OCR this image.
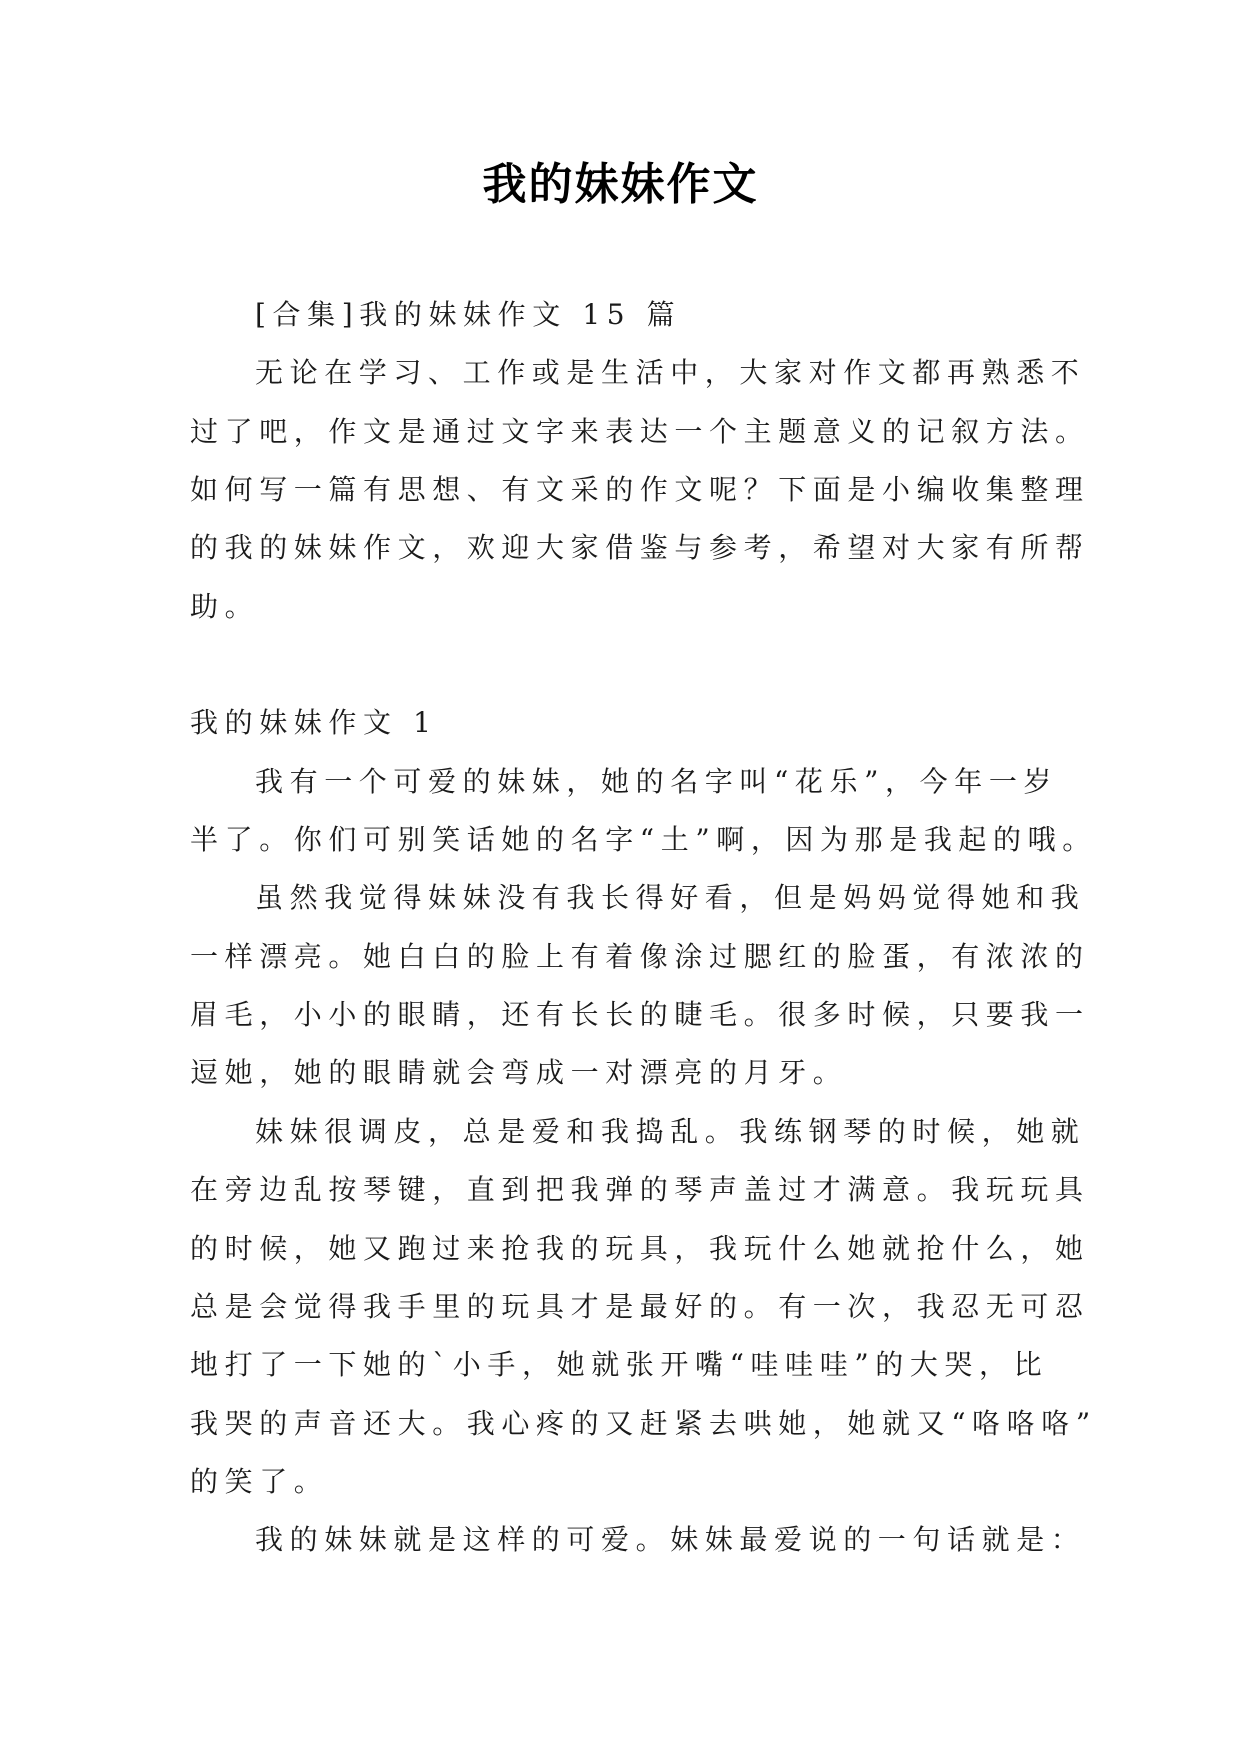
我的妹妹作文
[合集]我的妹妹作文 15 篇
无论在学习、工作或是生活中，大家对作文都再熟悉不
过了吧，作文是通过文字来表达一个主题意义的记叙方法。
如何写一篇有思想、有文采的作文呢？下面是小编收集整理
的我的妹妹作文，欢迎大家借鉴与参考，希望对大家有所帮
助。
我的妹妹作文 1
我有一个可爱的妹妹，她的名字叫“花乐”，今年一岁
半了。你们可别笑话她的名字“土”啊，因为那是我起的哦。
虽然我觉得妹妹没有我长得好看，但是妈妈觉得她和我
一样漂亮。她白白的脸上有着像涂过腮红的脸蛋，有浓浓的
眉毛，小小的眼睛，还有长长的睫毛。很多时候，只要我一
逗她，她的眼睛就会弯成一对漂亮的月牙。
妹妹很调皮，总是爱和我捣乱。我练钢琴的时候，她就
在旁边乱按琴键，直到把我弹的琴声盖过才满意。我玩玩具
的时候，她又跑过来抢我的玩具，我玩什么她就抢什么，她
总是会觉得我手里的玩具才是最好的。有一次，我忍无可忍
地打了一下她的`小手，她就张开嘴“哇哇哇”的大哭，比
我哭的声音还大。我心疼的又赶紧去哄她，她就又“咯咯咯”
的笑了。
我的妹妹就是这样的可爱。妹妹最爱说的一句话就是：
